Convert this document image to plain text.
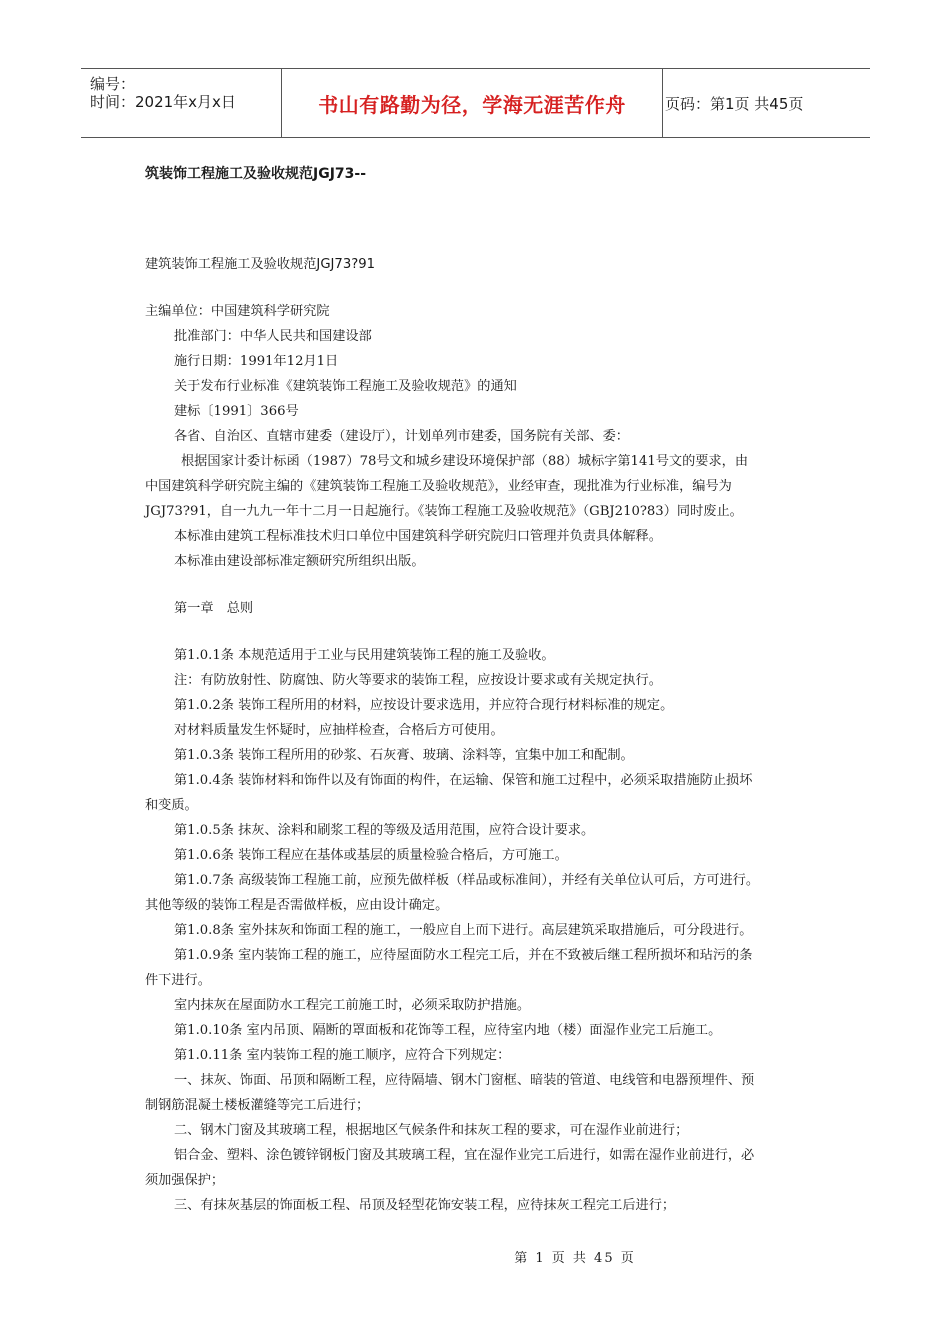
编号：
时间：2021年x月x日	书山有路勤为径，学海无涯苦作舟	页码：第1页 共45页
筑装饰工程施工及验收规范JGJ73--
建筑装饰工程施工及验收规范JGJ73?91
主编单位：中国建筑科学研究院
批准部门：中华人民共和国建设部
施行日期：1991年12月1日
关于发布行业标准《建筑装饰工程施工及验收规范》的通知
建标〔1991〕366号
各省、自治区、直辖市建委（建设厅），计划单列市建委，国务院有关部、委：
根据国家计委计标函（1987）78号文和城乡建设环境保护部（88）城标字第141号文的要求，由
中国建筑科学研究院主编的《建筑装饰工程施工及验收规范》，业经审查，现批准为行业标准，编号为
JGJ73?91，自一九九一年十二月一日起施行。《装饰工程施工及验收规范》（GBJ210?83）同时废止。
本标准由建筑工程标准技术归口单位中国建筑科学研究院归口管理并负责具体解释。
本标准由建设部标准定额研究所组织出版。
第一章　总则
第1.0.1条 本规范适用于工业与民用建筑装饰工程的施工及验收。
注：有防放射性、防腐蚀、防火等要求的装饰工程，应按设计要求或有关规定执行。
第1.0.2条 装饰工程所用的材料，应按设计要求选用，并应符合现行材料标准的规定。
对材料质量发生怀疑时，应抽样检查，合格后方可使用。
第1.0.3条 装饰工程所用的砂浆、石灰膏、玻璃、涂料等，宜集中加工和配制。
第1.0.4条 装饰材料和饰件以及有饰面的构件，在运输、保管和施工过程中，必须采取措施防止损坏
和变质。
第1.0.5条 抹灰、涂料和刷浆工程的等级及适用范围，应符合设计要求。
第1.0.6条 装饰工程应在基体或基层的质量检验合格后，方可施工。
第1.0.7条 高级装饰工程施工前，应预先做样板（样品或标准间），并经有关单位认可后，方可进行。
其他等级的装饰工程是否需做样板，应由设计确定。
第1.0.8条 室外抹灰和饰面工程的施工，一般应自上而下进行。高层建筑采取措施后，可分段进行。
第1.0.9条 室内装饰工程的施工，应待屋面防水工程完工后，并在不致被后继工程所损坏和玷污的条
件下进行。
室内抹灰在屋面防水工程完工前施工时，必须采取防护措施。
第1.0.10条 室内吊顶、隔断的罩面板和花饰等工程，应待室内地（楼）面湿作业完工后施工。
第1.0.11条 室内装饰工程的施工顺序，应符合下列规定：
一、抹灰、饰面、吊顶和隔断工程，应待隔墙、钢木门窗框、暗装的管道、电线管和电器预埋件、预
制钢筋混凝土楼板灌缝等完工后进行；
二、钢木门窗及其玻璃工程，根据地区气候条件和抹灰工程的要求，可在湿作业前进行；
铝合金、塑料、涂色镀锌钢板门窗及其玻璃工程，宜在湿作业完工后进行，如需在湿作业前进行，必
须加强保护；
三、有抹灰基层的饰面板工程、吊顶及轻型花饰安装工程，应待抹灰工程完工后进行；
第 1 页 共 45 页
